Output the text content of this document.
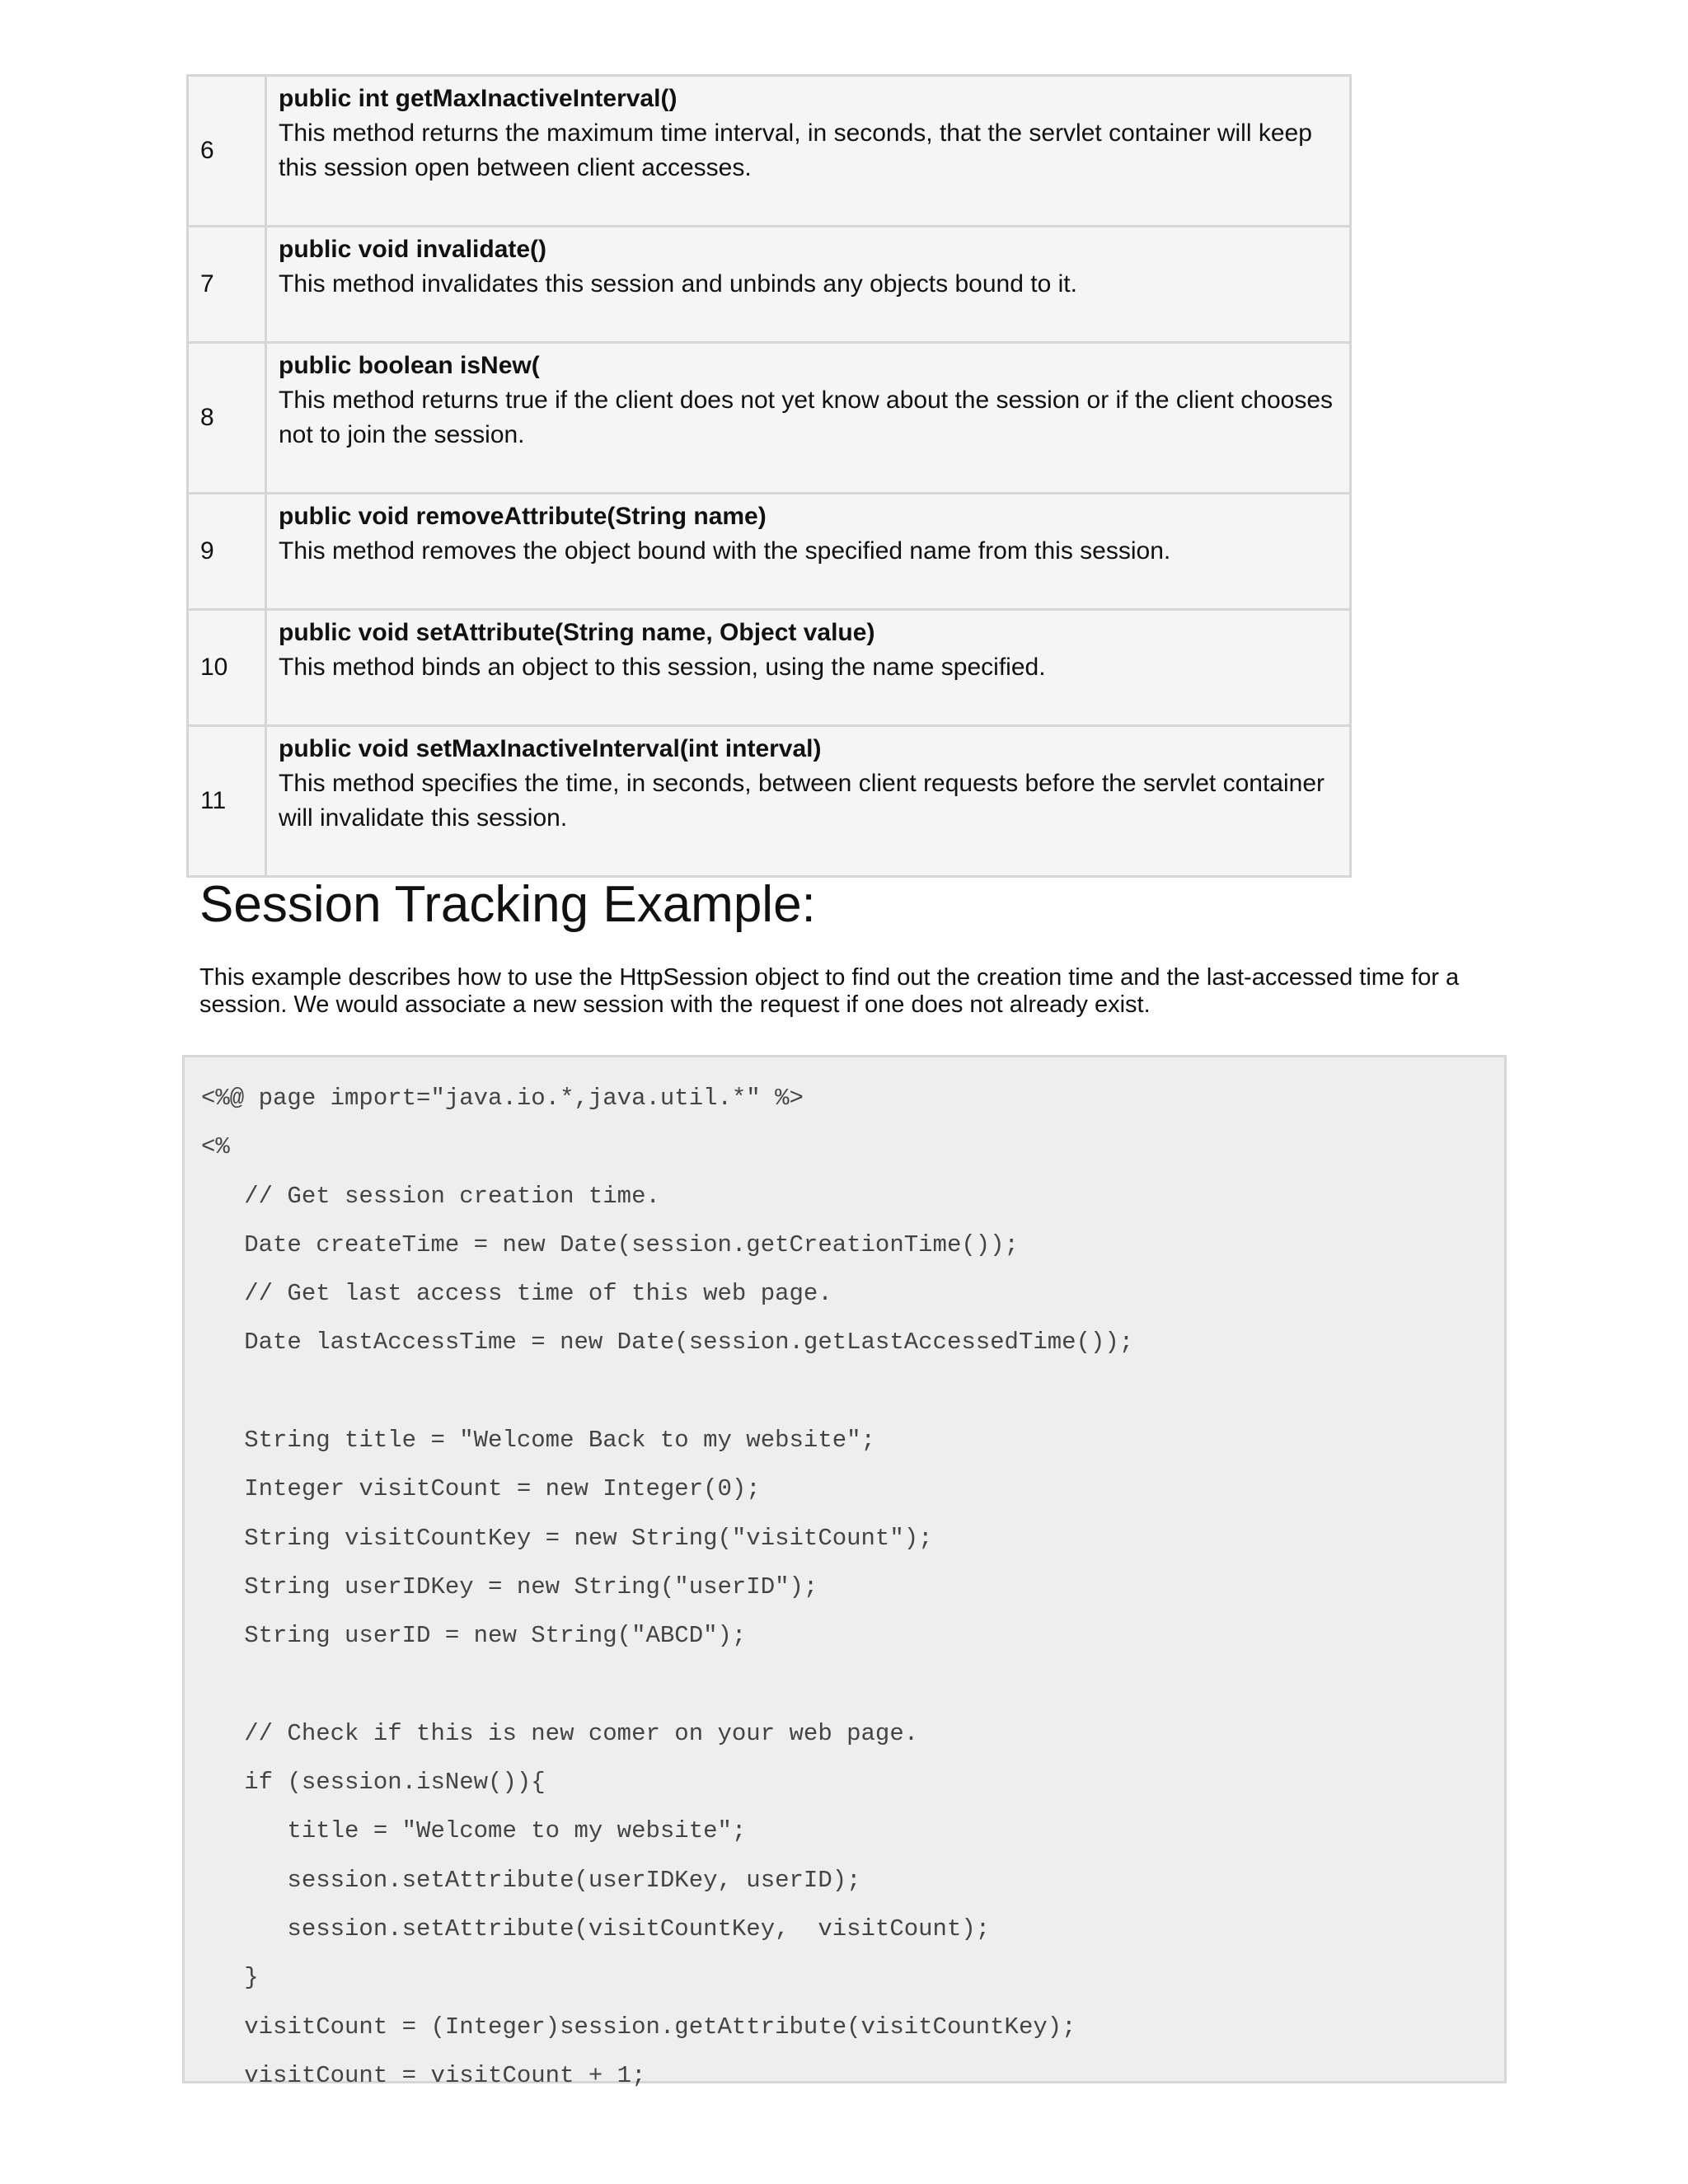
6	public int getMaxInactiveInterval()
This method returns the maximum time interval, in seconds, that the servlet container will keep this session open between client accesses.

7	public void invalidate()
This method invalidates this session and unbinds any objects bound to it.

8	public boolean isNew(
This method returns true if the client does not yet know about the session or if the client chooses not to join the session.

9	public void removeAttribute(String name)
This method removes the object bound with the specified name from this session.

10	public void setAttribute(String name, Object value)
This method binds an object to this session, using the name specified.

11	public void setMaxInactiveInterval(int interval)
This method specifies the time, in seconds, between client requests before the servlet container will invalidate this session.
Session Tracking Example:

This example describes how to use the HttpSession object to find out the creation time and the last-accessed time for a session. We would associate a new session with the request if one does not already exist.

<%@ page import="java.io.*,java.util.*" %>
<%
// Get session creation time.
Date createTime = new Date(session.getCreationTime());
// Get last access time of this web page.
Date lastAccessTime = new Date(session.getLastAccessedTime());
String title = "Welcome Back to my website";
Integer visitCount = new Integer(0);
String visitCountKey = new String("visitCount");
String userIDKey = new String("userID");
String userID = new String("ABCD");
// Check if this is new comer on your web page.
if (session.isNew()){
title = "Welcome to my website";
session.setAttribute(userIDKey, userID);
session.setAttribute(visitCountKey,  visitCount);
}
visitCount = (Integer)session.getAttribute(visitCountKey);
visitCount = visitCount + 1;
